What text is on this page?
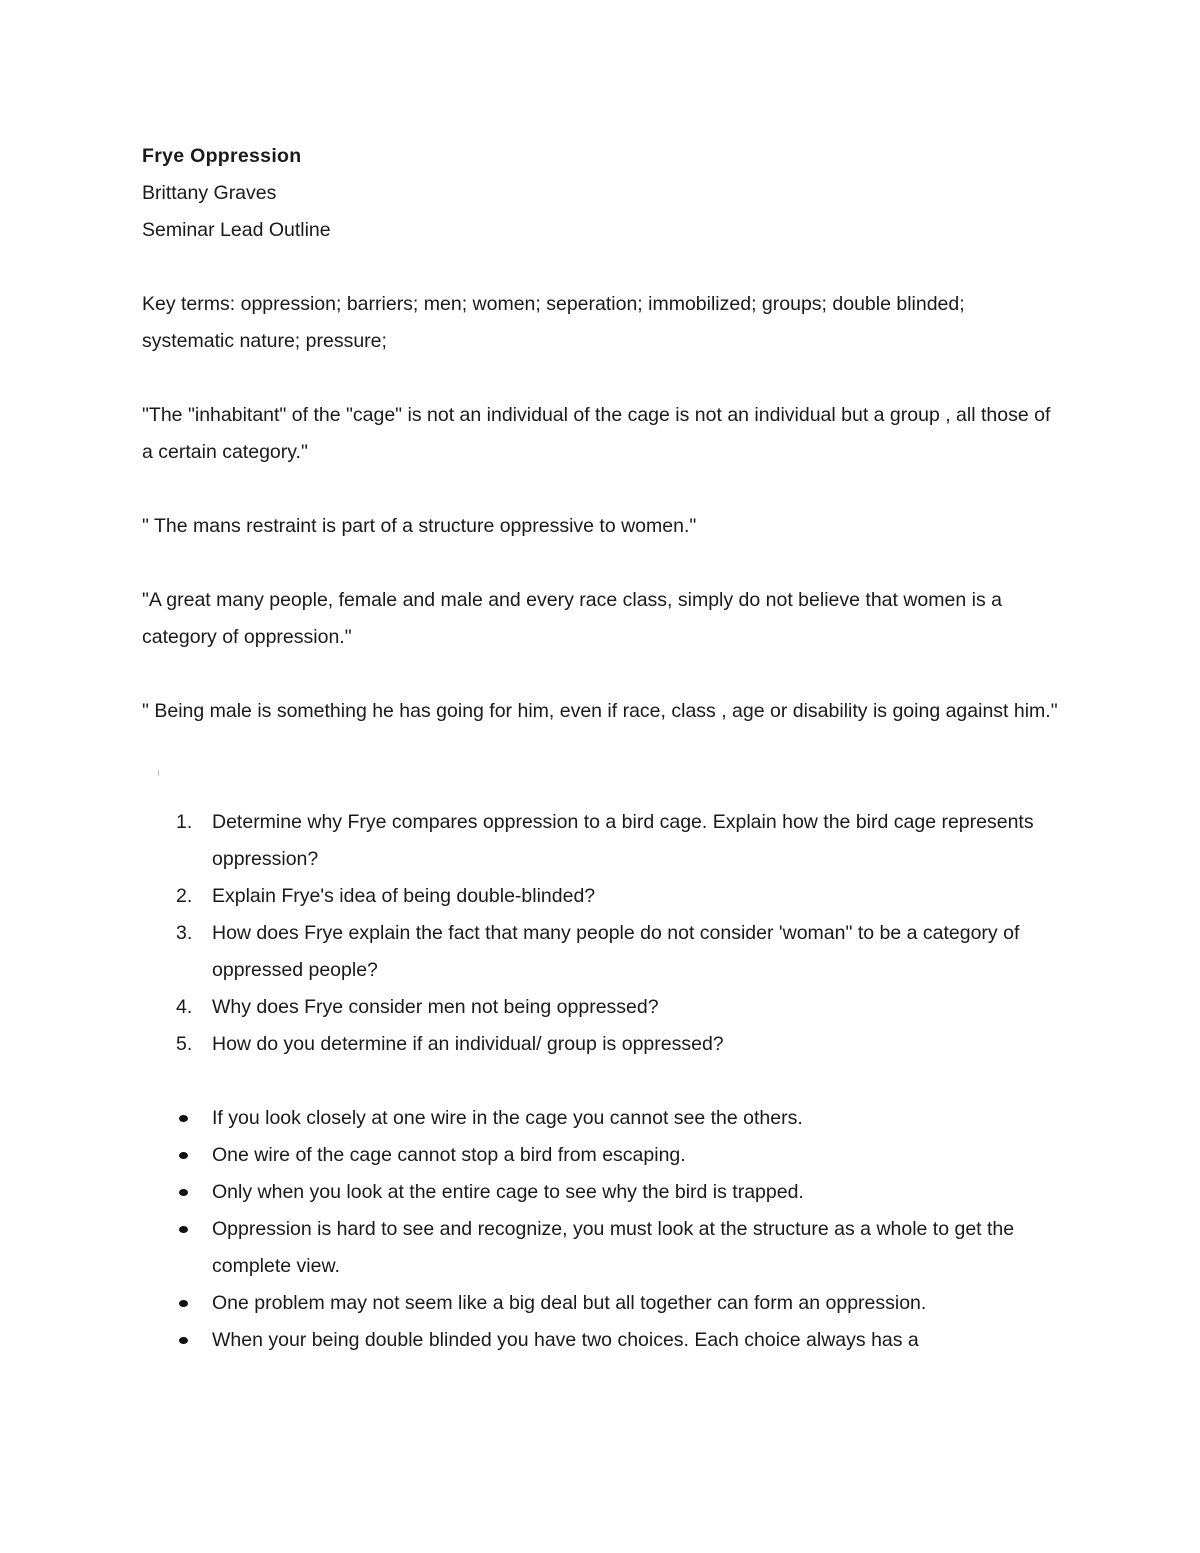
Frye Oppression

Brittany Graves

Seminar Lead Outline

Key terms: oppression; barriers; men; women; seperation; immobilized; groups; double blinded; systematic nature; pressure;

"The "inhabitant" of the "cage" is not an individual of the cage is not an individual but a group , all those of a certain category."

" The mans restraint is part of a structure oppressive to women."

"A great many people, female and male and every race class, simply do not believe that women is a category of oppression."

" Being male is something he has going for him, even if race, class , age or disability is going against him."

1. Determine why Frye compares oppression to a bird cage. Explain how the bird cage represents oppression?
2. Explain Frye's idea of being double-blinded?
3. How does Frye explain the fact that many people do not consider 'woman" to be a category of oppressed people?
4. Why does Frye consider men not being oppressed?
5. How do you determine if an individual/ group is oppressed?
If you look closely at one wire in the cage you cannot see the others.
One wire of the cage cannot stop a bird from escaping.
Only when you look at the entire cage to see why the bird is trapped.
Oppression is hard to see and recognize, you must look at the structure as a whole to get the complete view.
One problem may not seem like a big deal but all together can form an oppression.
When your being double blinded you have two choices. Each choice always has a
